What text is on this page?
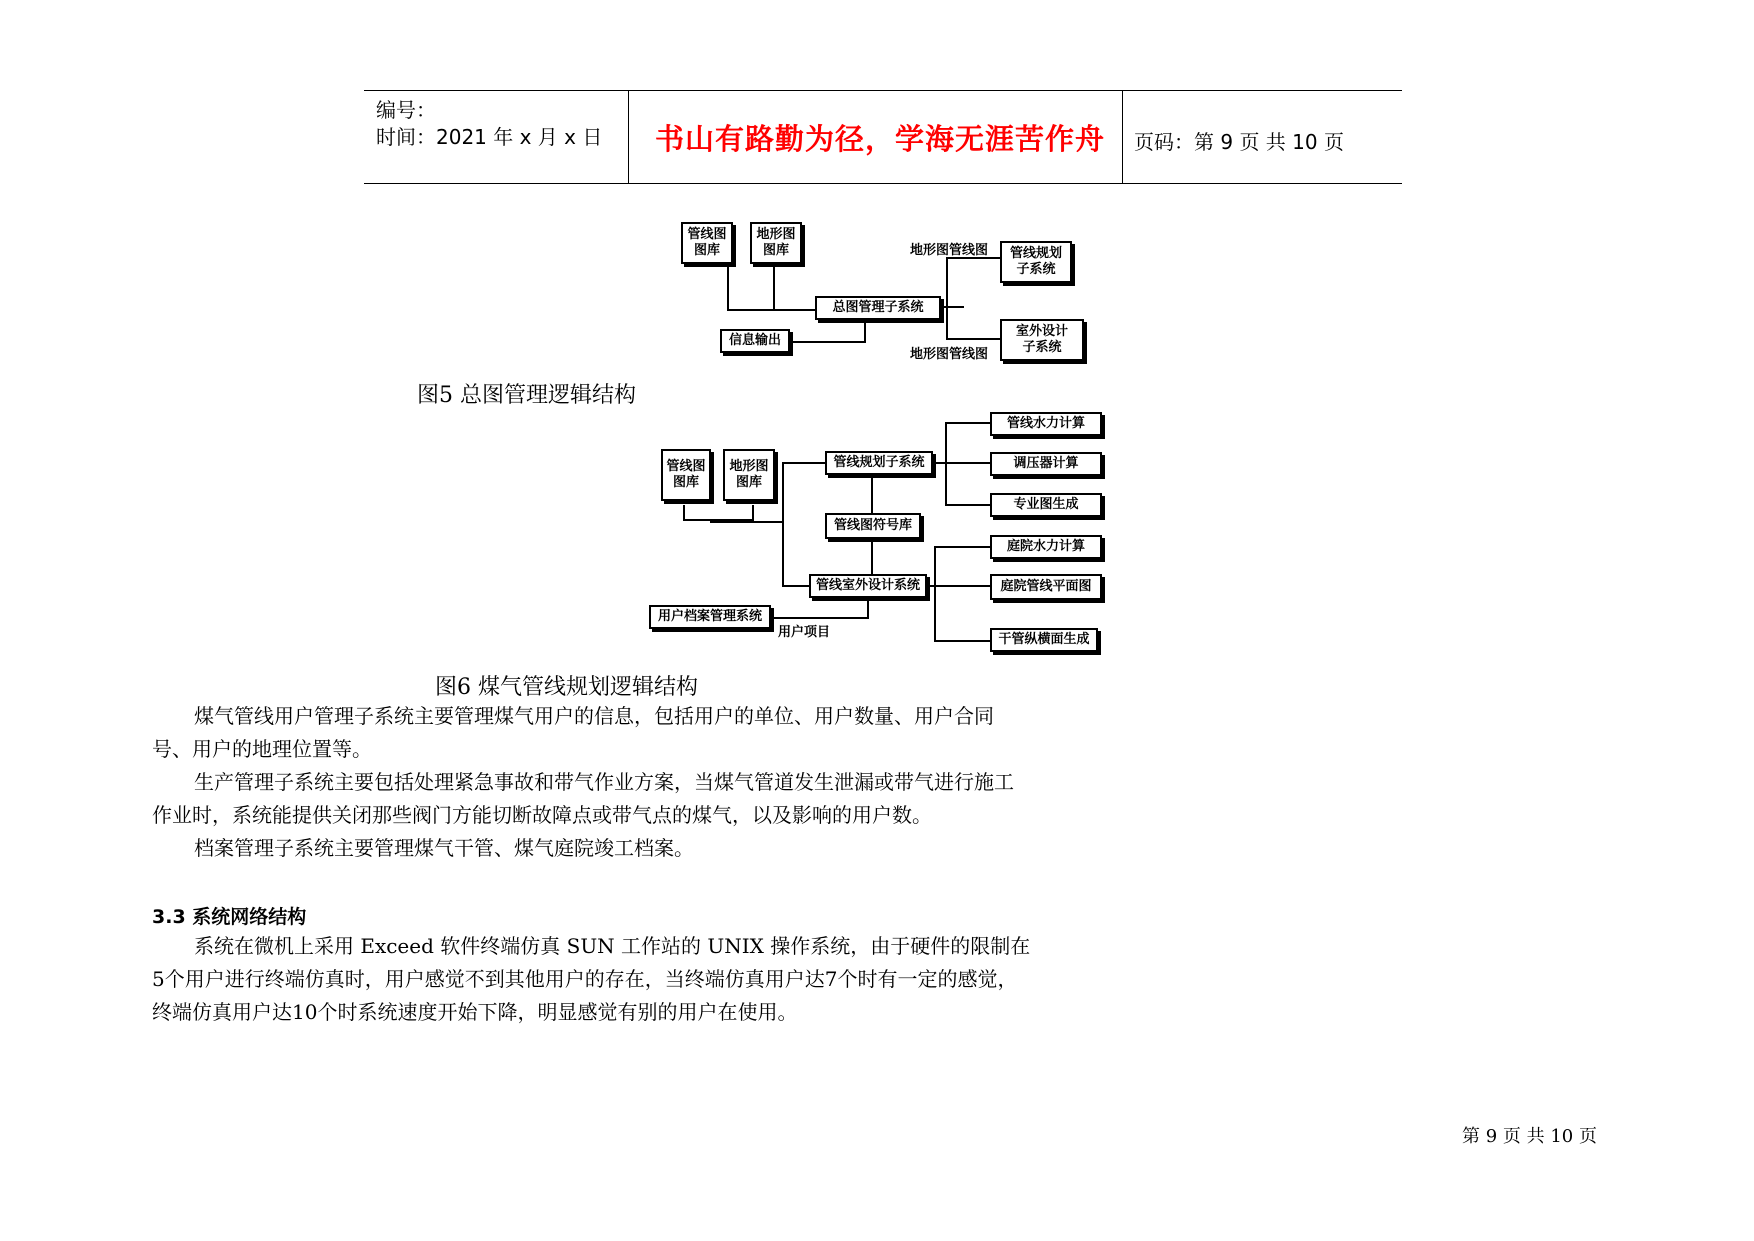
编号：
时间：2021 年 x 月 x 日 书山有路勤为径，学海无涯苦作舟 页码：第 9 页 共 10 页
管线图
图库
地形图
图库
总图管理子系统
信息输出
管线规划
子系统
室外设计
子系统
地形图管线图
地形图管线图
图5 总图管理逻辑结构
管线图
图库
地形图
图库
管线规划子系统
管线图符号库
管线室外设计系统
用户档案管理系统
管线水力计算
调压器计算
专业图生成
庭院水力计算
庭院管线平面图
干管纵横面生成
用户项目
图6 煤气管线规划逻辑结构

煤气管线用户管理子系统主要管理煤气用户的信息，包括用户的单位、用户数量、用户合同号、用户的地理位置等。

生产管理子系统主要包括处理紧急事故和带气作业方案，当煤气管道发生泄漏或带气进行施工作业时，系统能提供关闭那些阀门方能切断故障点或带气点的煤气，以及影响的用户数。

档案管理子系统主要管理煤气干管、煤气庭院竣工档案。

3.3 系统网络结构

系统在微机上采用 Exceed 软件终端仿真 SUN 工作站的 UNIX 操作系统，由于硬件的限制在5个用户进行终端仿真时，用户感觉不到其他用户的存在，当终端仿真用户达7个时有一定的感觉，终端仿真用户达10个时系统速度开始下降，明显感觉有别的用户在使用。

第 9 页 共 10 页
